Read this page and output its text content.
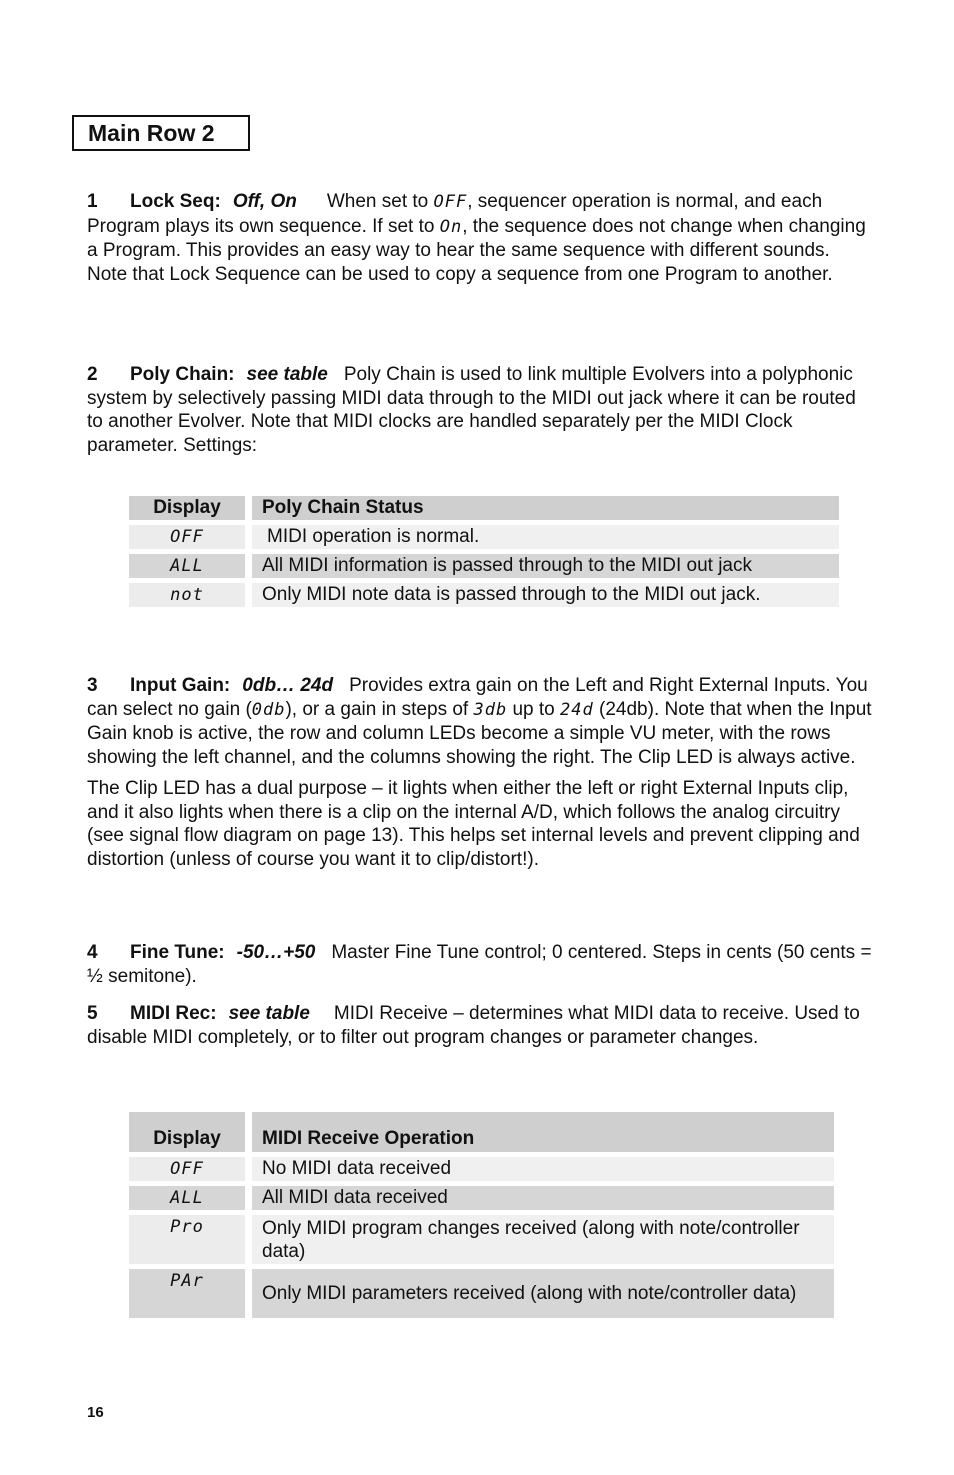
Main Row 2

1 Lock Seq: Off, On When set to OFF, sequencer operation is normal, and each Program plays its own sequence. If set to On, the sequence does not change when changing a Program. This provides an easy way to hear the same sequence with different sounds. Note that Lock Sequence can be used to copy a sequence from one Program to another.

2 Poly Chain: see table Poly Chain is used to link multiple Evolvers into a polyphonic system by selectively passing MIDI data through to the MIDI out jack where it can be routed to another Evolver. Note that MIDI clocks are handled separately per the MIDI Clock parameter. Settings:

Display	Poly Chain Status
OFF	MIDI operation is normal.
ALL	All MIDI information is passed through to the MIDI out jack
not	Only MIDI note data is passed through to the MIDI out jack.

3 Input Gain: 0db… 24d Provides extra gain on the Left and Right External Inputs. You can select no gain (0db), or a gain in steps of 3db up to 24d (24db). Note that when the Input Gain knob is active, the row and column LEDs become a simple VU meter, with the rows showing the left channel, and the columns showing the right. The Clip LED is always active.

The Clip LED has a dual purpose – it lights when either the left or right External Inputs clip, and it also lights when there is a clip on the internal A/D, which follows the analog circuitry (see signal flow diagram on page 13). This helps set internal levels and prevent clipping and distortion (unless of course you want it to clip/distort!).

4 Fine Tune: -50…+50 Master Fine Tune control; 0 centered. Steps in cents (50 cents = ½ semitone).

5 MIDI Rec: see table MIDI Receive – determines what MIDI data to receive. Used to disable MIDI completely, or to filter out program changes or parameter changes.

Display	MIDI Receive Operation
OFF	No MIDI data received
ALL	All MIDI data received
Pro	Only MIDI program changes received (along with note/controller data)
PAr	Only MIDI parameters received (along with note/controller data)
16
